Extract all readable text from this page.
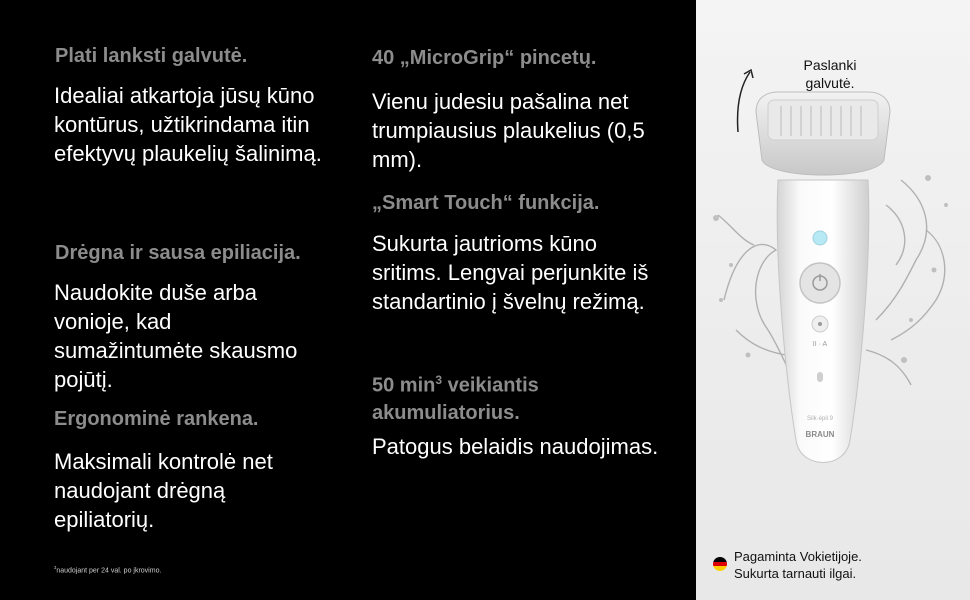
Plati lanksti galvutė.
Idealiai atkartoja jūsų kūno kontūrus, užtikrindama itin efektyvų plaukelių šalinimą.
Drėgna ir sausa epiliacija.
Naudokite duše arba vonioje, kad sumažintumėte skausmo pojūtį.
Ergonominė rankena.
Maksimali kontrolė net naudojant drėgną epiliatorių.
40 „MicroGrip“ pincetų.
Vienu judesiu pašalina net trumpiausius plaukelius (0,5 mm).
„Smart Touch“ funkcija.
Sukurta jautrioms kūno sritims. Lengvai perjunkite iš standartinio į švelnų režimą.
50 $\min^3$ veikiantis akumuliatorius.
Patogus belaidis naudojimas.
$^3$naudojant per 24 val. po įkrovimo.
II · A
Silk·épil 9
BRAUN
Paslanki galvutė.
Pagaminta Vokietijoje.
Sukurta tarnauti ilgai.
